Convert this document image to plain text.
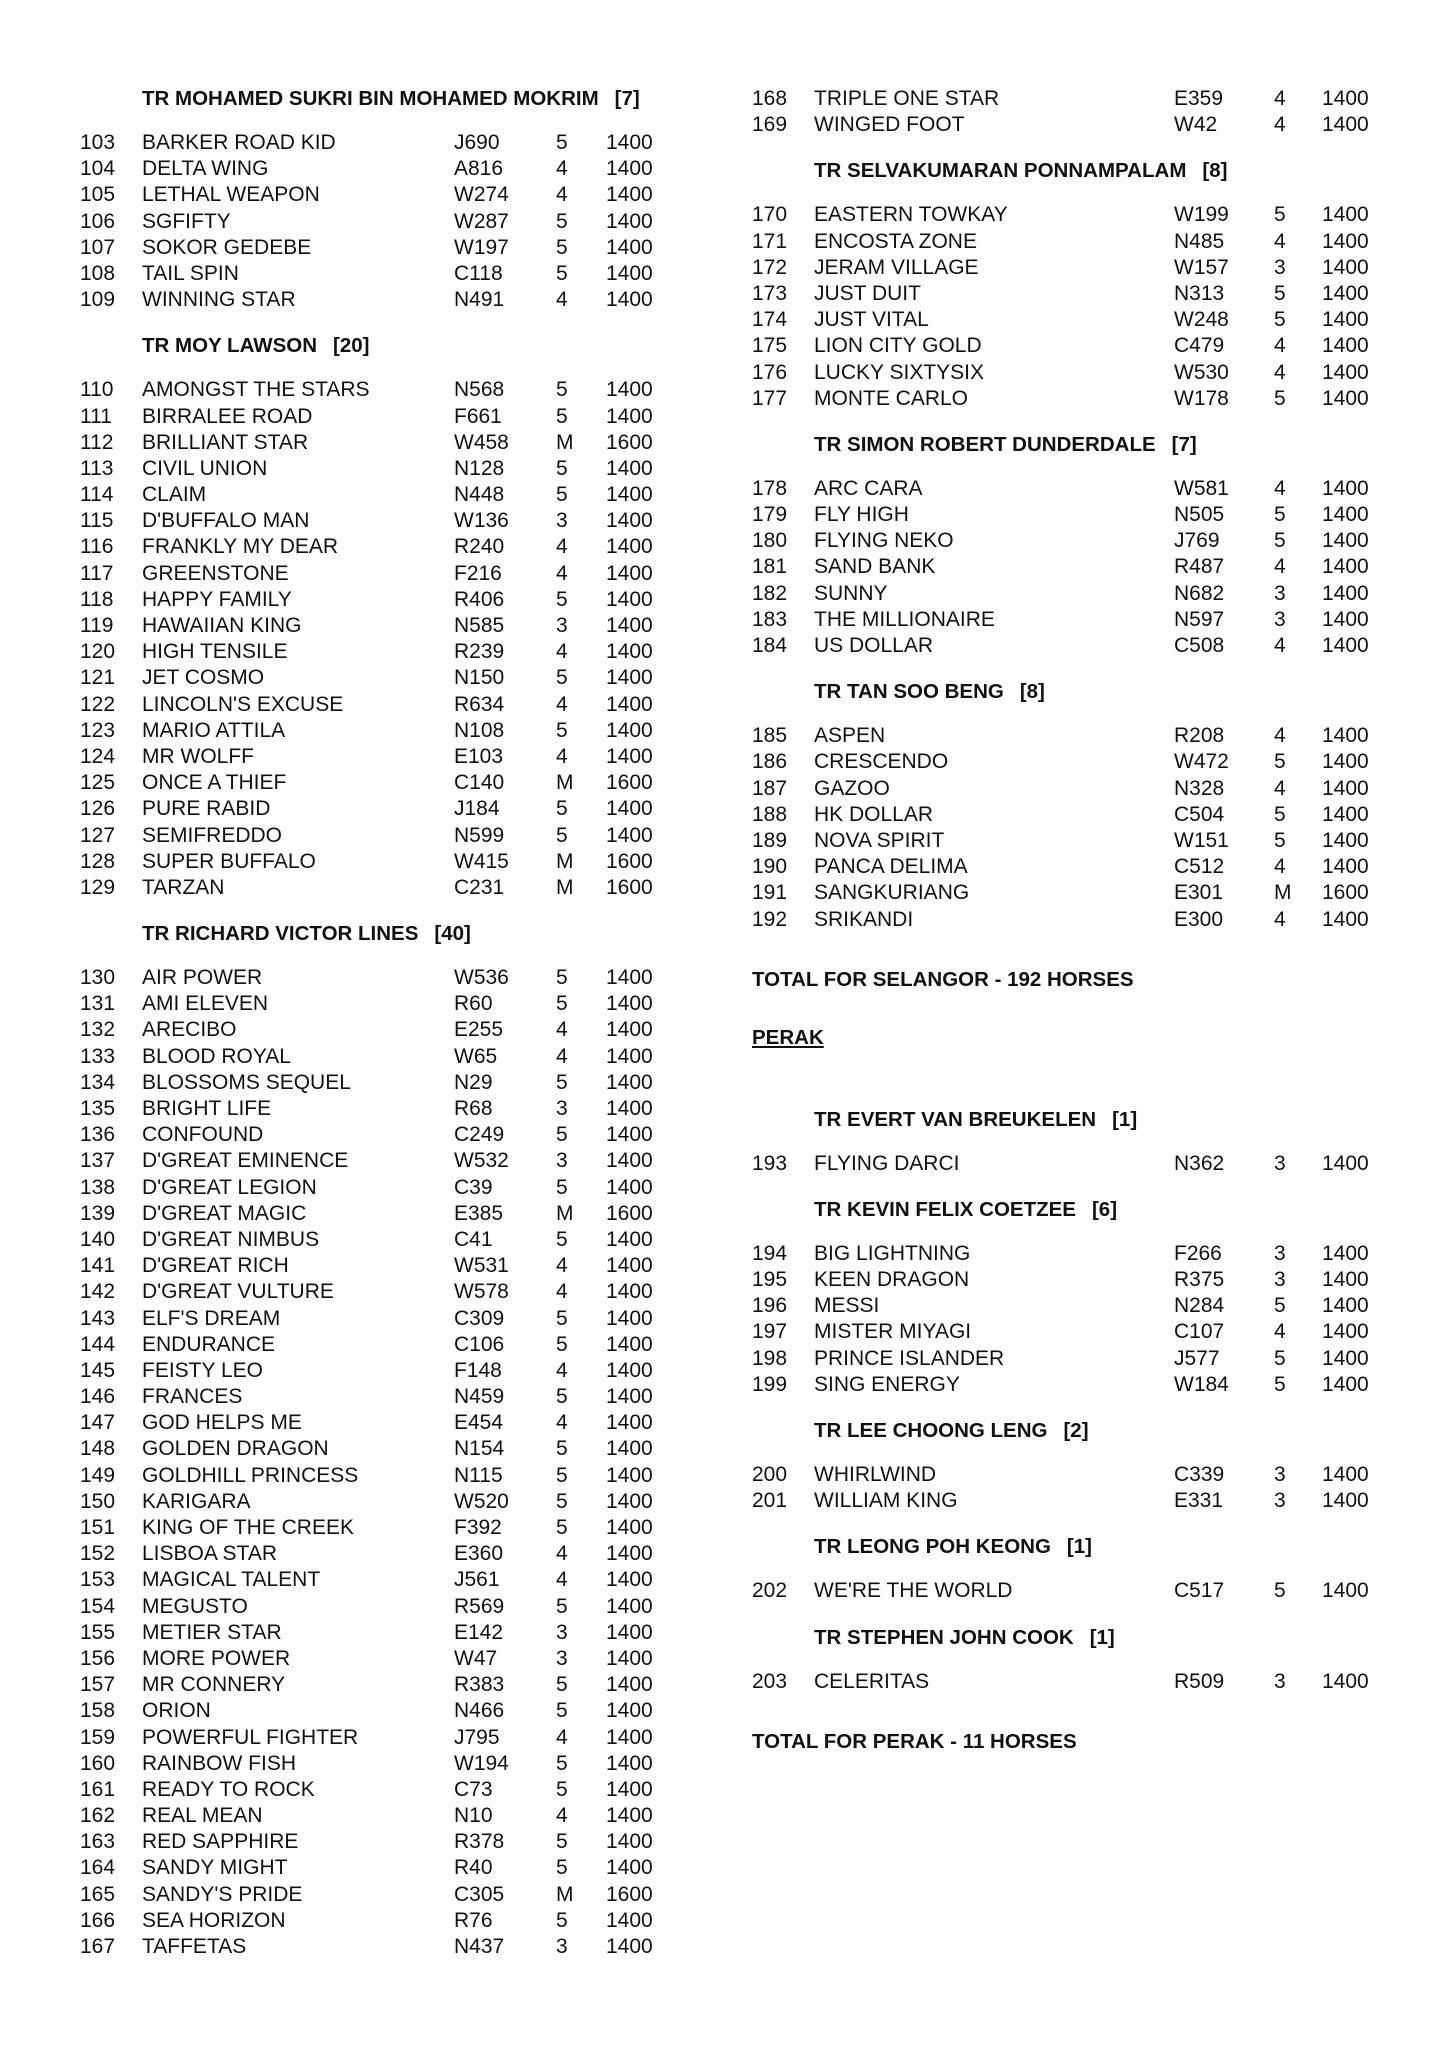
TR MOHAMED SUKRI BIN MOHAMED MOKRIM [7]
103 BARKER ROAD KID	J690	5 1400
104 DELTA WING	A816	4 1400
105 LETHAL WEAPON	W274 4 1400
106 SGFIFTY	W287 5 1400
107 SOKOR GEDEBE	W197 5 1400
108 TAIL SPIN	C118	5 1400
109 WINNING STAR	N491 4 1400
TR MOY LAWSON [20]
110 AMONGST THE STARS	N568 5 1400
111 BIRRALEE ROAD	F661	5 1400
112 BRILLIANT STAR	W458 M 1600
113 CIVIL UNION	N128 5 1400
114 CLAIM	N448 5 1400
115 D'BUFFALO MAN	W136 3 1400
116 FRANKLY MY DEAR	R240 4 1400
117 GREENSTONE	F216	4 1400
118 HAPPY FAMILY	R406 5 1400
119 HAWAIIAN KING	N585 3 1400
120 HIGH TENSILE	R239 4 1400
121 JET COSMO	N150 5 1400
122 LINCOLN'S EXCUSE	R634 4 1400
123 MARIO ATTILA	N108 5 1400
124 MR WOLFF	E103	4 1400
125 ONCE A THIEF	C140 M 1600
126 PURE RABID	J184	5 1400
127 SEMIFREDDO	N599 5 1400
128 SUPER BUFFALO	W415 M 1600
129 TARZAN	C231 M 1600
TR RICHARD VICTOR LINES [40]
130 AIR POWER	W536 5 1400
131 AMI ELEVEN	R60	5 1400
132 ARECIBO	E255	4 1400
133 BLOOD ROYAL	W65	4 1400
134 BLOSSOMS SEQUEL	N29	5 1400
135 BRIGHT LIFE	R68	3 1400
136 CONFOUND	C249 5 1400
137 D'GREAT EMINENCE	W532 3 1400
138 D'GREAT LEGION	C39	5 1400
139 D'GREAT MAGIC	E385	M 1600
140 D'GREAT NIMBUS	C41	5 1400
141 D'GREAT RICH	W531 4 1400
142 D'GREAT VULTURE	W578 4 1400
143 ELF'S DREAM	C309 5 1400
144 ENDURANCE	C106 5 1400
145 FEISTY LEO	F148	4 1400
146 FRANCES	N459 5 1400
147 GOD HELPS ME	E454	4 1400
148 GOLDEN DRAGON	N154 5 1400
149 GOLDHILL PRINCESS	N115	5 1400
150 KARIGARA	W520 5 1400
151 KING OF THE CREEK	F392	5 1400
152 LISBOA STAR	E360	4 1400
153 MAGICAL TALENT	J561	4 1400
154 MEGUSTO	R569 5 1400
155 METIER STAR	E142	3 1400
156 MORE POWER	W47	3 1400
157 MR CONNERY	R383 5 1400
158 ORION	N466 5 1400
159 POWERFUL FIGHTER	J795	4 1400
160 RAINBOW FISH	W194 5 1400
161 READY TO ROCK	C73	5 1400
162 REAL MEAN	N10	4 1400
163 RED SAPPHIRE	R378 5 1400
164 SANDY MIGHT	R40	5 1400
165 SANDY'S PRIDE	C305 M 1600
166 SEA HORIZON	R76	5 1400
167 TAFFETAS	N437 3 1400
168 TRIPLE ONE STAR	E359 4 1400
169 WINGED FOOT	W42	4 1400
TR SELVAKUMARAN PONNAMPALAM [8]
170 EASTERN TOWKAY	W199 5 1400
171 ENCOSTA ZONE	N485 4 1400
172 JERAM VILLAGE	W157 3 1400
173 JUST DUIT	N313 5 1400
174 JUST VITAL	W248 5 1400
175 LION CITY GOLD	C479 4 1400
176 LUCKY SIXTYSIX	W530 4 1400
177 MONTE CARLO	W178 5 1400
TR SIMON ROBERT DUNDERDALE [7]
178 ARC CARA	W581 4 1400
179 FLY HIGH	N505 5 1400
180 FLYING NEKO	J769	5 1400
181 SAND BANK	R487 4 1400
182 SUNNY	N682 3 1400
183 THE MILLIONAIRE	N597 3 1400
184 US DOLLAR	C508 4 1400
TR TAN SOO BENG [8]
185 ASPEN	R208 4 1400
186 CRESCENDO	W472 5 1400
187 GAZOO	N328 4 1400
188 HK DOLLAR	C504 5 1400
189 NOVA SPIRIT	W151 5 1400
190 PANCA DELIMA	C512 4 1400
191 SANGKURIANG	E301 M 1600
192 SRIKANDI	E300 4 1400
TOTAL FOR SELANGOR - 192 HORSES
PERAK
TR EVERT VAN BREUKELEN [1]
193 FLYING DARCI	N362 3 1400
TR KEVIN FELIX COETZEE [6]
194 BIG LIGHTNING	F266 3 1400
195 KEEN DRAGON	R375 3 1400
196 MESSI	N284 5 1400
197 MISTER MIYAGI	C107 4 1400
198 PRINCE ISLANDER	J577	5 1400
199 SING ENERGY	W184 5 1400
TR LEE CHOONG LENG [2]
200 WHIRLWIND	C339 3 1400
201 WILLIAM KING	E331 3 1400
TR LEONG POH KEONG [1]
202 WE'RE THE WORLD	C517 5 1400
TR STEPHEN JOHN COOK [1]
203 CELERITAS	R509 3 1400
TOTAL FOR PERAK - 11 HORSES
